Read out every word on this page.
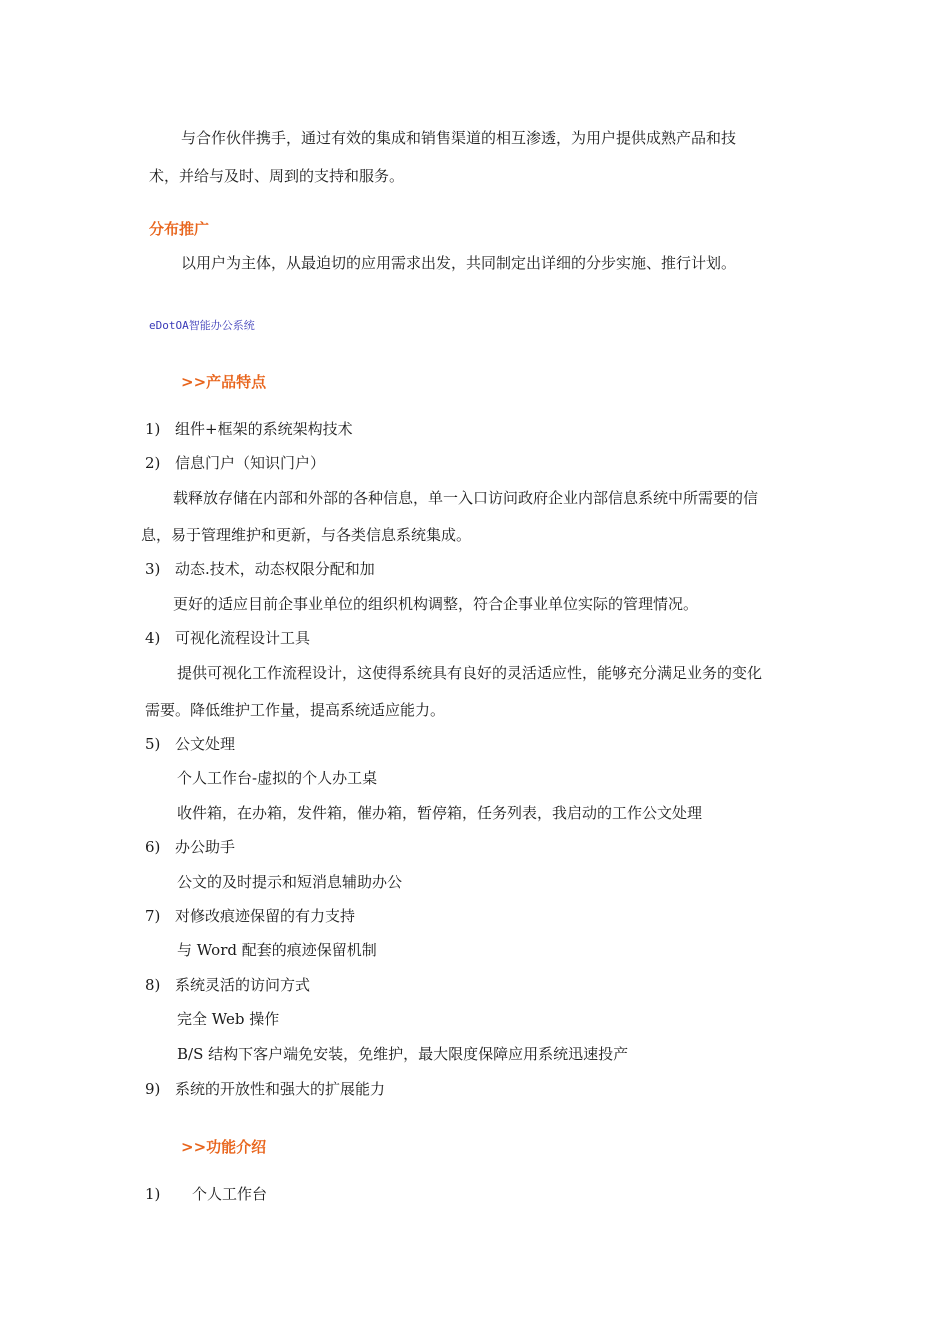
与合作伙伴携手，通过有效的集成和销售渠道的相互渗透，为用户提供成熟产品和技
术，并给与及时、周到的支持和服务。
分布推广
以用户为主体，从最迫切的应用需求出发，共同制定出详细的分步实施、推行计划。
eDotOA智能办公系统
>>产品特点
1) 组件+框架的系统架构技术
2) 信息门户（知识门户）
载释放存储在内部和外部的各种信息，单一入口访问政府企业内部信息系统中所需要的信
息，易于管理维护和更新，与各类信息系统集成。
3) 动态.技术，动态权限分配和加
更好的适应目前企事业单位的组织机构调整，符合企事业单位实际的管理情况。
4) 可视化流程设计工具
提供可视化工作流程设计，这使得系统具有良好的灵活适应性，能够充分满足业务的变化
需要。降低维护工作量，提高系统适应能力。
5) 公文处理
个人工作台-虚拟的个人办工桌
收件箱，在办箱，发件箱，催办箱，暂停箱，任务列表，我启动的工作公文处理
6) 办公助手
公文的及时提示和短消息辅助办公
7) 对修改痕迹保留的有力支持
与 Word 配套的痕迹保留机制
8) 系统灵活的访问方式
完全 Web 操作
B/S 结构下客户端免安装，免维护，最大限度保障应用系统迅速投产
9) 系统的开放性和强大的扩展能力
>>功能介绍
1) 个人工作台
